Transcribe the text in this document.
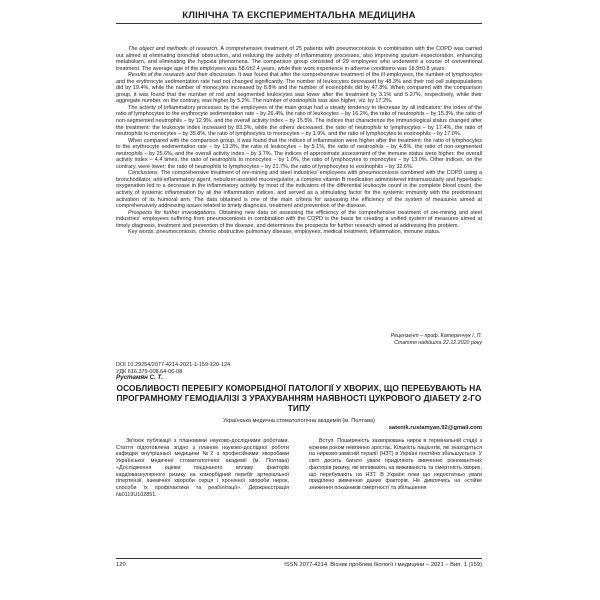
КЛІНІЧНА ТА ЕКСПЕРИМЕНТАЛЬНА МЕДИЦИНА

The object and methods of research. A comprehensive treatment of 25 patients with pneumoconiosis in combination with the COPD was carried out aimed at eliminating bronchial obstruction, and reducing the activity of inflammatory processes, also improving sputum expectoration, enhancing metabolism, and eliminating the hypoxia phenomena. The comparison group consisted of 29 employees who underwent a course of conventional treatment. The average age of the employees was 58.6±2.4 years, while their work experience in adverse conditions was 18.9±0.8 years.

Results of the research and their discussion. It was found that after the comprehensive treatment of the ill employees, the number of lymphocytes and the erythrocyte sedimentation rate had not changed significantly. The number of leukocytes decreased by 48.3% and their rod cell subpopulations did by 19.4%, while the number of monocytes increased by 8.8% and the number of eosinophils did by 47.8%. When compared with the comparison group, it was found that the number of rod and segmented leukocytes was lower after the treatment by 3.1% and 5.27%, respectively, while their aggregate number, on the contrary, was higher by 5.2%. The number of eosinophils was also higher, viz. by 17.2%.

The activity of inflammatory processes by the employees of the main group had a steady tendency to decrease by all indicators: the index of the ratio of lymphocytes to the erythrocyte sedimentation rate – by 26.4%, the ratio of leukocytes – by 16.2%, the ratio of neutrophils – by 15.3%, the ratio of non-segmented neutrophils – by 12.9%, and the overall activity index – by 15.5%. The indices that characterize the immunological status changed after the treatment: the leukocyte index increased by 83.3%, while the others decreased: the ratio of neutrophils to lymphocytes – by 17.4%, the ratio of neutrophils to monocytes – by 35.8%, the ratio of lymphocytes to monocytes – by 1.9%, and the ratio of lymphocytes to eosinophils – by 17.0%.

When compared with the comparison group, it was found that the indices of inflammation were higher after the treatment: the ratio of lymphocytes to the erythrocyte sedimentation rate – by 13.3%, the ratio of leukocytes – by 5.1%, the ratio of neutrophils – by 4.8%, the ratio of non-segmented neutrophils – by 25.6%, and the overall activity index – by 3.7%. The indices of approximate assessment of the immune status were higher: the overall activity index – 4.4 times, the ratio of neutrophils to monocytes – by 1.0%, the ratio of lymphocytes to monocytes – by 13.0%. Other indices, on the contrary, were lower: the ratio of neutrophils to lymphocytes – by 21.7%, the ratio of lymphocytes to eosinophils – by 32.6%.

Conclusions. The comprehensive treatment of ore-mining and steel industries' employees with pneumoconiosis combined with the COPD using a bronchodilator, anti-inflammatory agent, nebulizer-assisted mucoregulator, a complex vitamin B medication administered intramuscularly and hyperbaric oxygenation led to a decrease in the inflammatory activity by most of the indicators of the differential leukocyte count in the complete blood count, the activity of systemic inflammation by all the inflammation indices, and served as a stimulating factor for the systemic immunity with the predominant activation of its humoral arm. The data obtained is one of the main criteria for assessing the efficiency of the system of measures aimed at comprehensively addressing issues related to timely diagnosis, treatment and prevention of the disease.

Prospects for further investigations. Obtaining new data on assessing the efficiency of the comprehensive treatment of ore-mining and steel industries' employees suffering from pneumoconiosis in combination with the COPD is the basis for creating a unified system of measures aimed at timely diagnosis, treatment and prevention of the disease, and determines the prospects for further research aimed at addressing this problem.

Key words: pneumoconiosis, chronic obstructive pulmonary disease, employees, medical treatment, inflammation, immune status.

Рецензент – проф. Катеренчук І. П.
Стаття надійшла 22.12.2020 року
DOI 10.29254/2077-4214-2021-1-159-120-124
УДК 616.379-008.64-06-08
Рустамян С. Т.
ОСОБЛИВОСТІ ПЕРЕБІГУ КОМОРБІДНОЇ ПАТОЛОГІЇ У ХВОРИХ, ЩО ПЕРЕБУВАЮТЬ НА ПРОГРАМНОМУ ГЕМОДІАЛІЗІ З УРАХУВАННЯМ НАЯВНОСТІ ЦУКРОВОГО ДІАБЕТУ 2-ГО ТИПУ
Українська медична стоматологічна академія (м. Полтава)
satenik.rustamyan.92@gmail.com

Зв'язок публікації з плановими науково-дослідними роботами. Стаття підготовлена згідно з планом науково-дослідної роботи кафедри внутрішньої медицини №2 з професійними хворобами Української медичної стоматологічної академії (м. Полтава) «Дослідження оцінки поєднаного впливу факторів кардіоваскулярного ризику на коморбідний перебіг артеріальної гіпертензії, ішемічної хвороби серця і хронічної хвороби нирок, способи їх профілактики та реабілітації». Держреєстрація №0119U102851.

Вступ. Поширеність захворювань нирок в термінальній стадії з кожним роком невпинно зростає. Кількість пацієнтів, які знаходяться на нирково-замісній терапії (НЗТ) в Україні постійно збільшується. У світі досить багато уваги приділяють вивченню різноманітних факторів ризику, які впливають на виживаність та смертність хворих, що перебувають на НЗТ. В Україні поки що недостатньо уваги приділено вивченню даних факторів. Не дивлячись на «стійке зниження показників смертності та збільшення

120	ISSN 2077-4214. Вісник проблем біології і медицини – 2021 – Вип. 1 (159)
